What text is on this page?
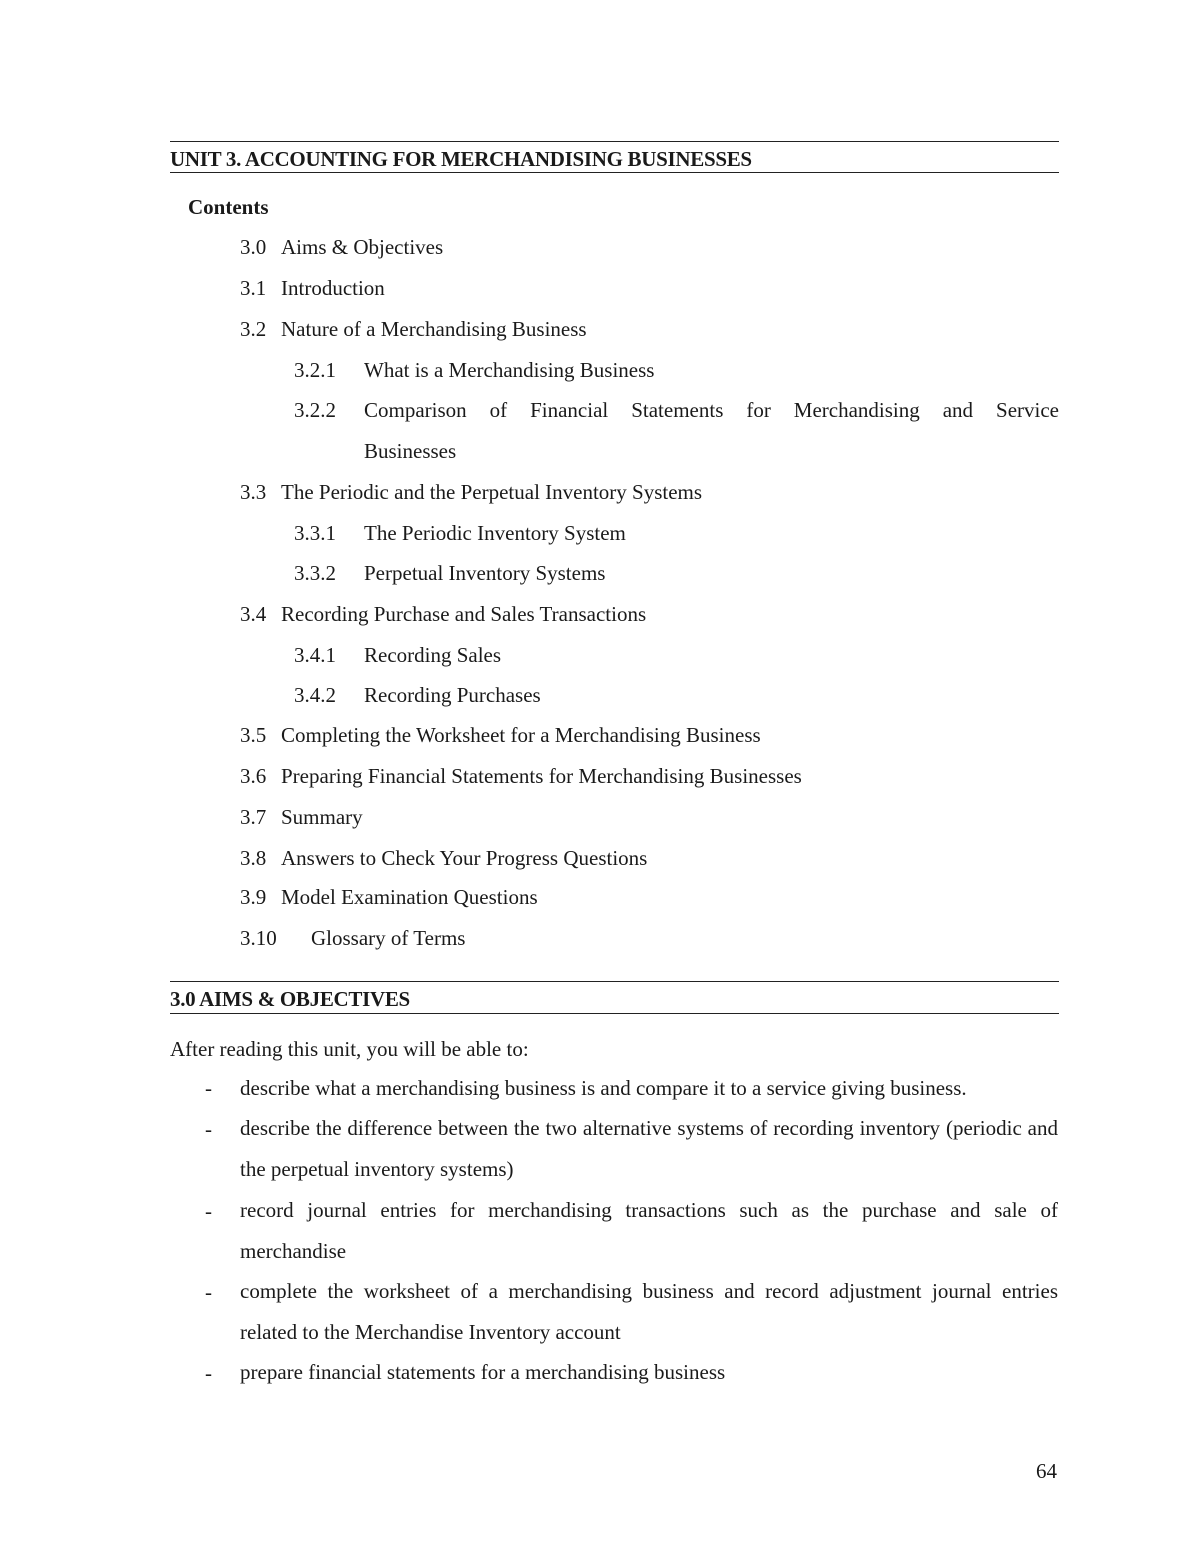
UNIT 3. ACCOUNTING FOR MERCHANDISING BUSINESSES
Contents
3.0 Aims & Objectives
3.1 Introduction
3.2 Nature of a Merchandising Business
3.2.1 What is a Merchandising Business
3.2.2 Comparison of Financial Statements for Merchandising and Service
Businesses
3.3 The Periodic and the Perpetual Inventory Systems
3.3.1 The Periodic Inventory System
3.3.2 Perpetual Inventory Systems
3.4 Recording Purchase and Sales Transactions
3.4.1 Recording Sales
3.4.2 Recording Purchases
3.5 Completing the Worksheet for a Merchandising Business
3.6 Preparing Financial Statements for Merchandising Businesses
3.7 Summary
3.8 Answers to Check Your Progress Questions
3.9 Model Examination Questions
3.10 Glossary of Terms
3.0 AIMS & OBJECTIVES
After reading this unit, you will be able to:
- describe what a merchandising business is and compare it to a service giving business.
- describe the difference between the two alternative systems of recording inventory (periodic and the perpetual inventory systems)
- record journal entries for merchandising transactions such as the purchase and sale of merchandise
- complete the worksheet of a merchandising business and record adjustment journal entries related to the Merchandise Inventory account
- prepare financial statements for a merchandising business
64
